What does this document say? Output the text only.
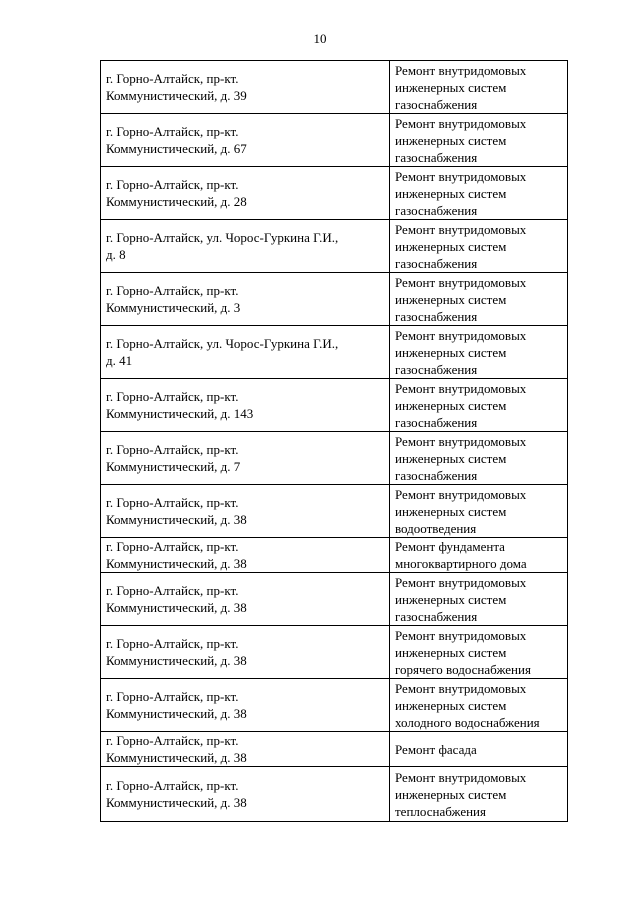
10
г. Горно-Алтайск, пр-кт.
Коммунистический, д. 39	Ремонт внутридомовых
инженерных систем
газоснабжения

г. Горно-Алтайск, пр-кт.
Коммунистический, д. 67	Ремонт внутридомовых
инженерных систем
газоснабжения

г. Горно-Алтайск, пр-кт.
Коммунистический, д. 28	Ремонт внутридомовых
инженерных систем
газоснабжения

г. Горно-Алтайск, ул. Чорос-Гуркина Г.И.,
д. 8	Ремонт внутридомовых
инженерных систем
газоснабжения

г. Горно-Алтайск, пр-кт.
Коммунистический, д. 3	Ремонт внутридомовых
инженерных систем
газоснабжения

г. Горно-Алтайск, ул. Чорос-Гуркина Г.И.,
д. 41	Ремонт внутридомовых
инженерных систем
газоснабжения

г. Горно-Алтайск, пр-кт.
Коммунистический, д. 143	Ремонт внутридомовых
инженерных систем
газоснабжения

г. Горно-Алтайск, пр-кт.
Коммунистический, д. 7	Ремонт внутридомовых
инженерных систем
газоснабжения

г. Горно-Алтайск, пр-кт.
Коммунистический, д. 38	Ремонт внутридомовых
инженерных систем
водоотведения

г. Горно-Алтайск, пр-кт.
Коммунистический, д. 38	Ремонт фундамента
многоквартирного дома

г. Горно-Алтайск, пр-кт.
Коммунистический, д. 38	Ремонт внутридомовых
инженерных систем
газоснабжения

г. Горно-Алтайск, пр-кт.
Коммунистический, д. 38	Ремонт внутридомовых
инженерных систем
горячего водоснабжения

г. Горно-Алтайск, пр-кт.
Коммунистический, д. 38	Ремонт внутридомовых
инженерных систем
холодного водоснабжения

г. Горно-Алтайск, пр-кт.
Коммунистический, д. 38	Ремонт фасада

г. Горно-Алтайск, пр-кт.
Коммунистический, д. 38	Ремонт внутридомовых
инженерных систем
теплоснабжения
